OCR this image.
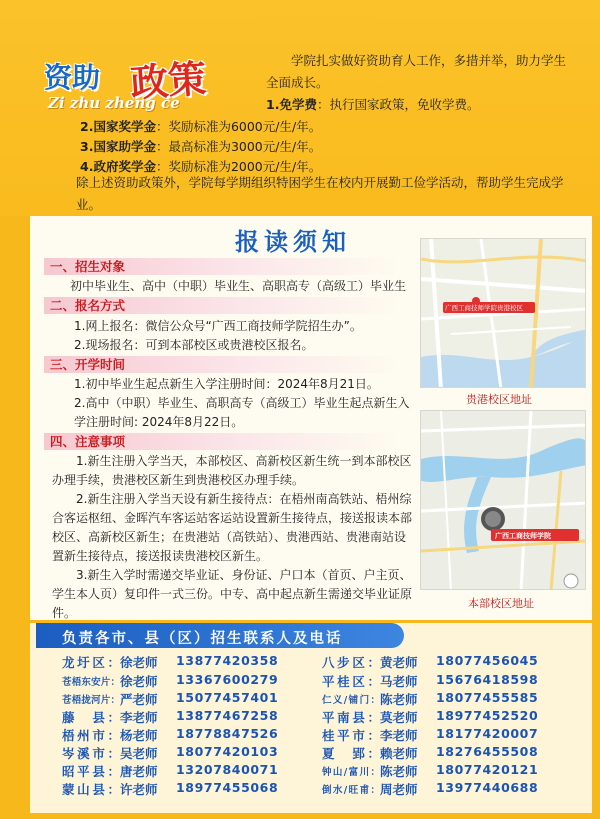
资助 政策
Zi zhu zheng ce

学院扎实做好资助育人工作，多措并举，助力学生全面成长。

1.免学费：执行国家政策，免收学费。
2.国家奖学金：奖励标准为6000元/生/年。
3.国家助学金：最高标准为3000元/生/年。
4.政府奖学金：奖励标准为2000元/生/年。

除上述资助政策外，学院每学期组织特困学生在校内开展勤工俭学活动，帮助学生完成学业。

报读须知
一、招生对象
初中毕业生、高中（中职）毕业生、高职高专（高级工）毕业生
二、报名方式
1.网上报名：微信公众号“广西工商技师学院招生办”。
2.现场报名：可到本部校区或贵港校区报名。
三、开学时间
1.初中毕业生起点新生入学注册时间：2024年8月21日。
2.高中（中职）毕业生、高职高专（高级工）毕业生起点新生入学注册时间: 2024年8月22日。
四、注意事项
1.新生注册入学当天，本部校区、高新校区新生统一到本部校区办理手续，贵港校区新生到贵港校区办理手续。
2.新生注册入学当天设有新生接待点：在梧州南高铁站、梧州综合客运枢纽、金晖汽车客运站客运站设置新生接待点，接送报读本部校区、高新校区新生；在贵港站（高铁站）、贵港西站、贵港南站设置新生接待点，接送报读贵港校区新生。
3.新生入学时需递交毕业证、身份证、户口本（首页、户主页、学生本人页）复印件一式三份。中专、高中起点新生需递交毕业证原件。
广西工商技师学院贵港校区
贵港校区地址
广西工商技师学院
本部校区地址
负责各市、县（区）招生联系人及电话
龙圩区： 徐老师 13877420358	八步区： 黄老师 18077456045
苍梧东安片： 徐老师 13367600279	平桂区： 马老师 15676418598
苍梧拢河片： 严老师 15077457401	仁义/铺门： 陈老师 18077455585
藤　县： 李老师 13877467258	平南县： 莫老师 18977452520
梧州市： 杨老师 18778847526	桂平市： 李老师 18177420007
岑溪市： 吴老师 18077420103	夏　郢： 赖老师 18276455508
昭平县： 唐老师 13207840071	钟山/富川： 陈老师 18077420121
蒙山县： 许老师 18977455068	倒水/旺甫： 周老师 13977440688
